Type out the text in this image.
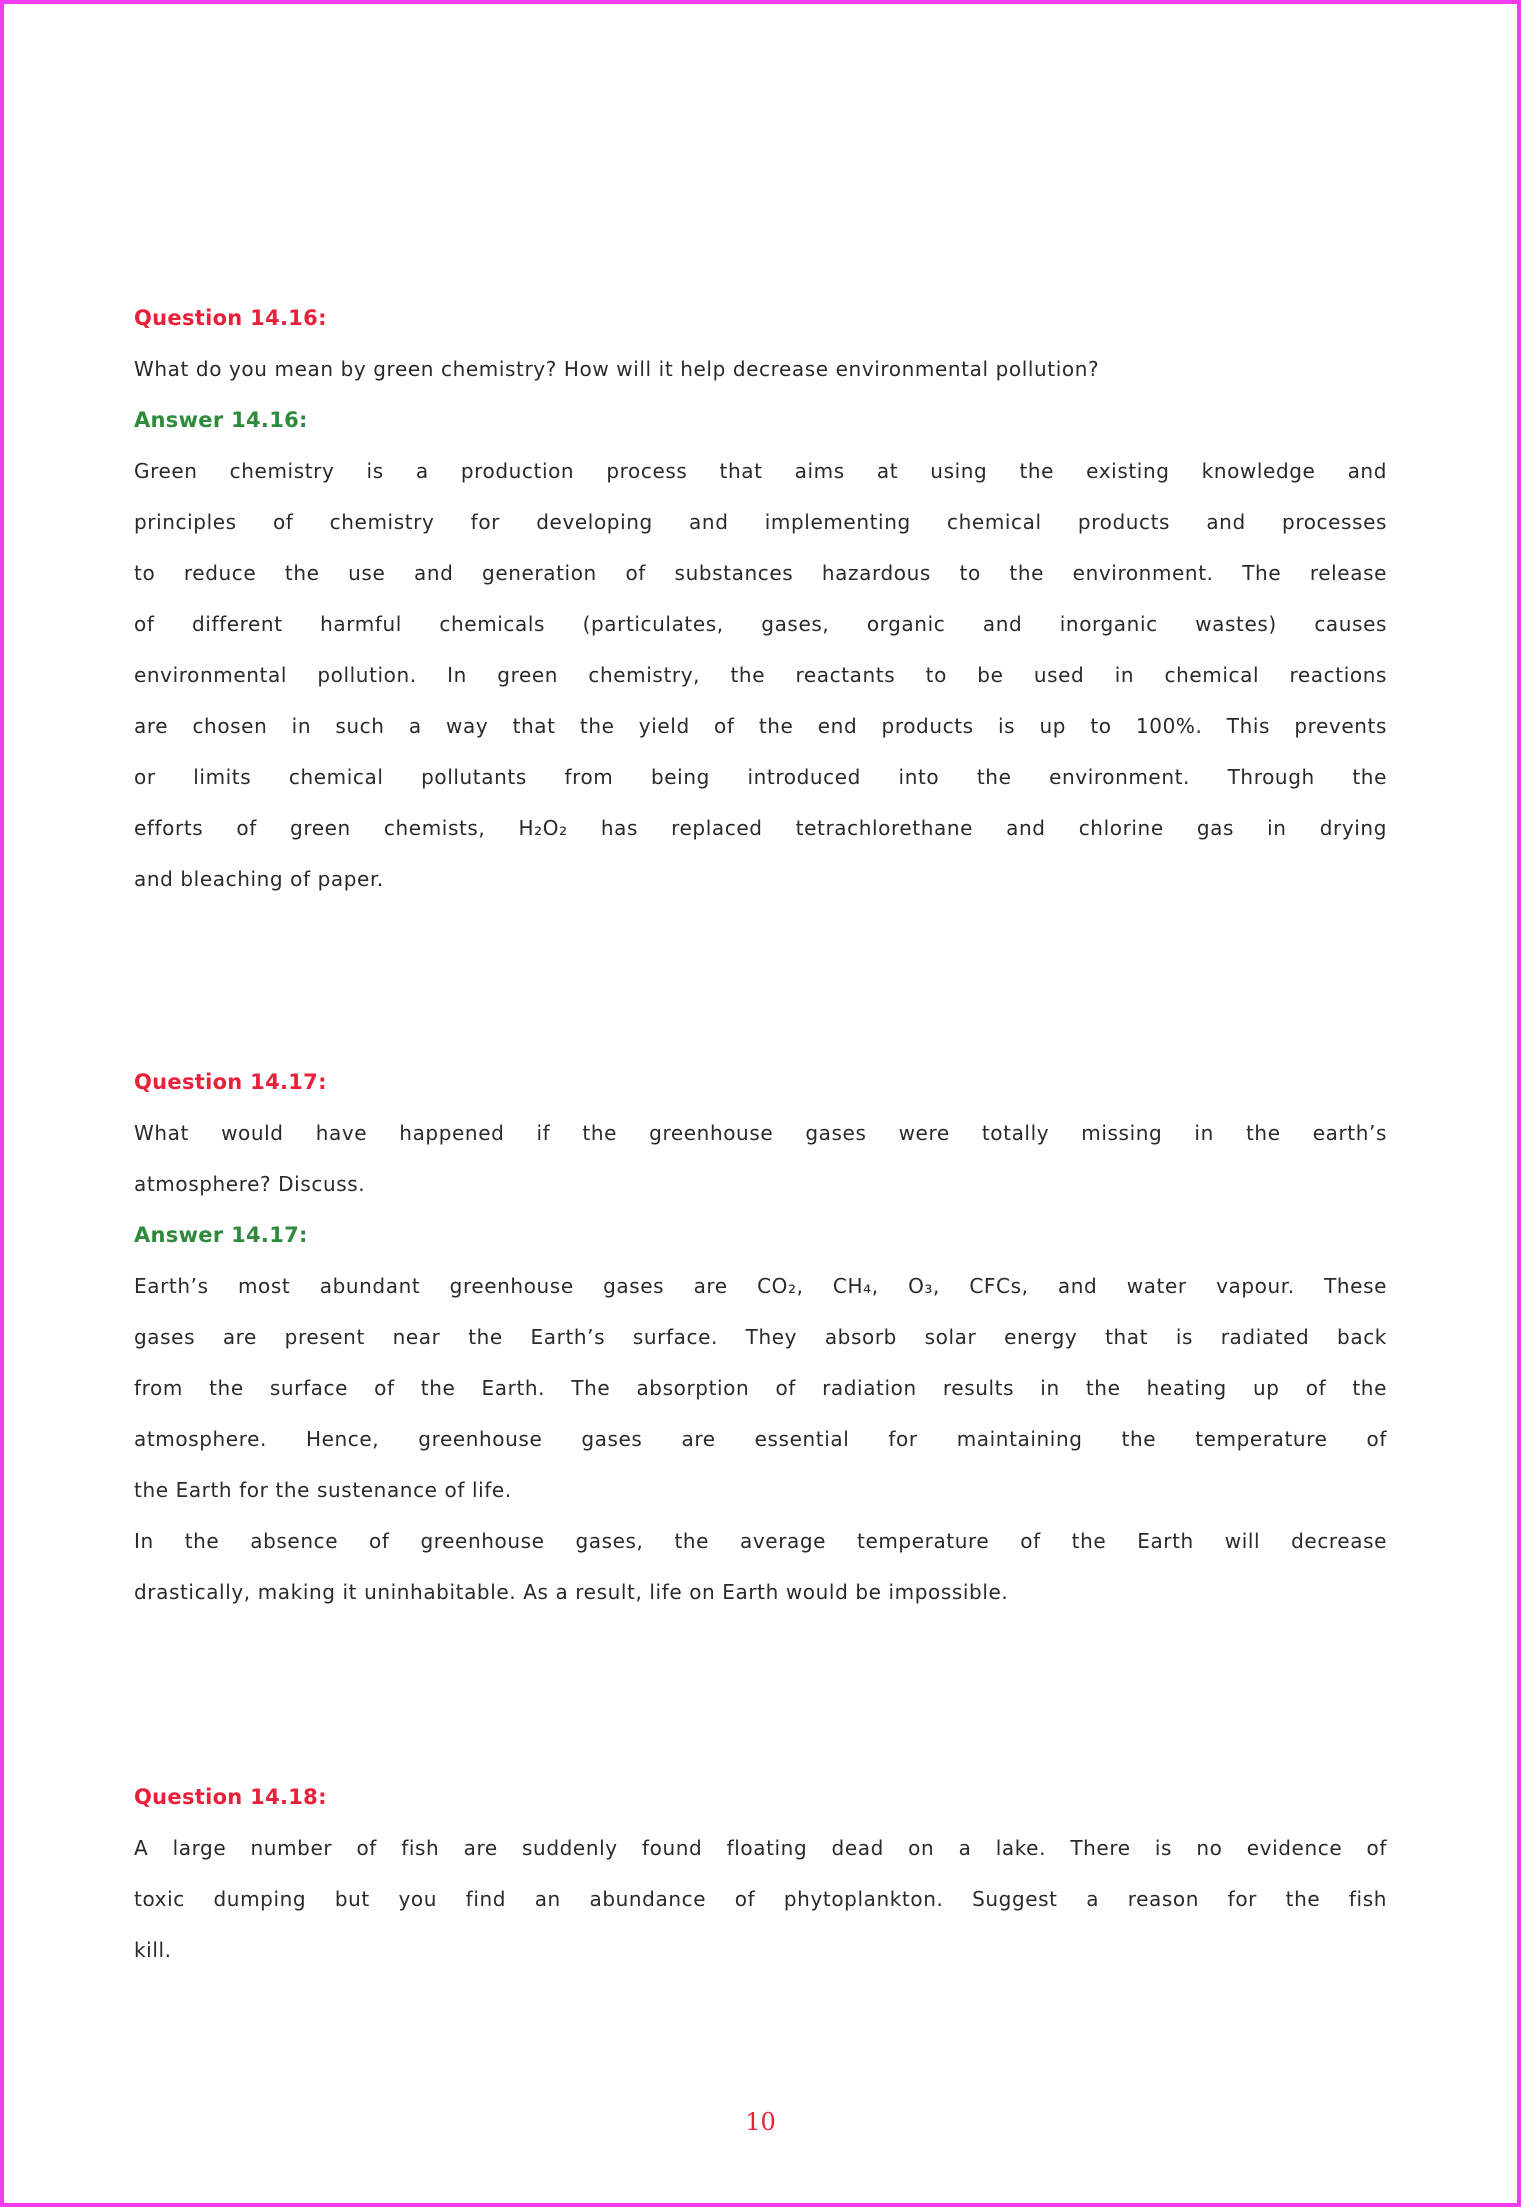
Question 14.16:
What do you mean by green chemistry? How will it help decrease environmental pollution?
Answer 14.16:
Green chemistry is a production process that aims at using the existing knowledge and
principles of chemistry for developing and implementing chemical products and processes
to reduce the use and generation of substances hazardous to the environment. The release
of different harmful chemicals (particulates, gases, organic and inorganic wastes) causes
environmental pollution. In green chemistry, the reactants to be used in chemical reactions
are chosen in such a way that the yield of the end products is up to 100%. This prevents
or limits chemical pollutants from being introduced into the environment. Through the
efforts of green chemists, H₂O₂ has replaced tetrachlorethane and chlorine gas in drying
and bleaching of paper.
Question 14.17:
What would have happened if the greenhouse gases were totally missing in the earth’s
atmosphere? Discuss.
Answer 14.17:
Earth’s most abundant greenhouse gases are CO₂, CH₄, O₃, CFCs, and water vapour. These
gases are present near the Earth’s surface. They absorb solar energy that is radiated back
from the surface of the Earth. The absorption of radiation results in the heating up of the
atmosphere. Hence, greenhouse gases are essential for maintaining the temperature of
the Earth for the sustenance of life.
In the absence of greenhouse gases, the average temperature of the Earth will decrease
drastically, making it uninhabitable. As a result, life on Earth would be impossible.
Question 14.18:
A large number of fish are suddenly found floating dead on a lake. There is no evidence of
toxic dumping but you find an abundance of phytoplankton. Suggest a reason for the fish
kill.
10
